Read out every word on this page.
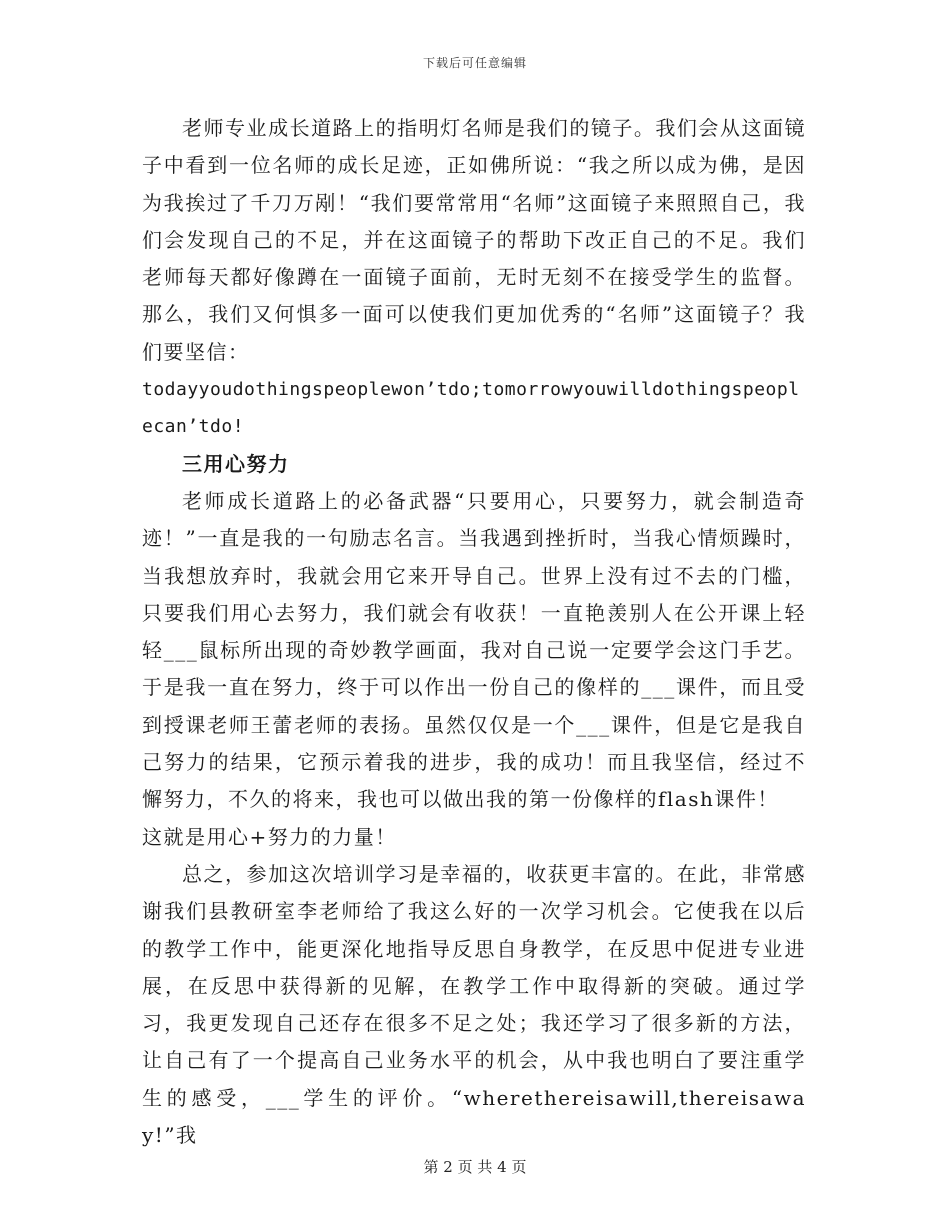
下载后可任意编辑

老师专业成长道路上的指明灯名师是我们的镜子。我们会从这面镜子中看到一位名师的成长足迹，正如佛所说：“我之所以成为佛，是因为我挨过了千刀万剐！“我们要常常用“名师”这面镜子来照照自己，我们会发现自己的不足，并在这面镜子的帮助下改正自己的不足。我们老师每天都好像蹲在一面镜子面前，无时无刻不在接受学生的监督。那么，我们又何惧多一面可以使我们更加优秀的“名师”这面镜子？我们要坚信：

todayyoudothingspeoplewon’tdo;tomorrowyouwilldothingspeoplecan’tdo!

三用心努力

老师成长道路上的必备武器“只要用心，只要努力，就会制造奇迹！”一直是我的一句励志名言。当我遇到挫折时，当我心情烦躁时，当我想放弃时，我就会用它来开导自己。世界上没有过不去的门槛，只要我们用心去努力，我们就会有收获！一直艳羡别人在公开课上轻轻___鼠标所出现的奇妙教学画面，我对自己说一定要学会这门手艺。于是我一直在努力，终于可以作出一份自己的像样的___课件，而且受到授课老师王蕾老师的表扬。虽然仅仅是一个___课件，但是它是我自己努力的结果，它预示着我的进步，我的成功！而且我坚信，经过不懈努力，不久的将来，我也可以做出我的第一份像样的flash课件！

这就是用心+努力的力量！

总之，参加这次培训学习是幸福的，收获更丰富的。在此，非常感谢我们县教研室李老师给了我这么好的一次学习机会。它使我在以后的教学工作中，能更深化地指导反思自身教学，在反思中促进专业进展，在反思中获得新的见解，在教学工作中取得新的突破。通过学习，我更发现自己还存在很多不足之处；我还学习了很多新的方法，让自己有了一个提高自己业务水平的机会，从中我也明白了要注重学生的感受，___学生的评价。“wherethereisawill,thereisaway!”我

第 2 页 共 4 页
